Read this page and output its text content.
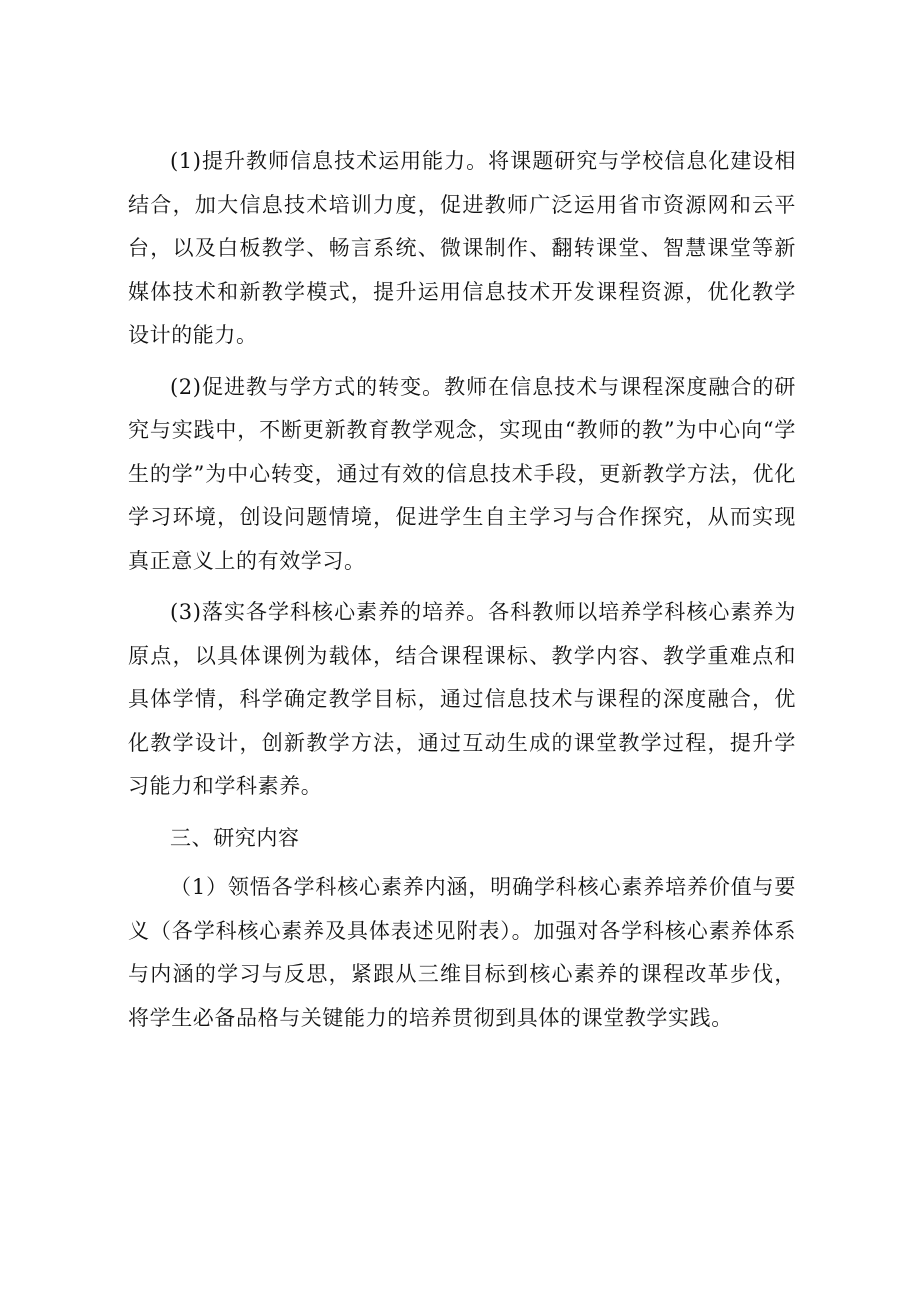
(1)提升教师信息技术运用能力。将课题研究与学校信息化建设相结合，加大信息技术培训力度，促进教师广泛运用省市资源网和云平台，以及白板教学、畅言系统、微课制作、翻转课堂、智慧课堂等新媒体技术和新教学模式，提升运用信息技术开发课程资源，优化教学设计的能力。

(2)促进教与学方式的转变。教师在信息技术与课程深度融合的研究与实践中，不断更新教育教学观念，实现由“教师的教”为中心向“学生的学”为中心转变，通过有效的信息技术手段，更新教学方法，优化学习环境，创设问题情境，促进学生自主学习与合作探究，从而实现真正意义上的有效学习。

(3)落实各学科核心素养的培养。各科教师以培养学科核心素养为原点，以具体课例为载体，结合课程课标、教学内容、教学重难点和具体学情，科学确定教学目标，通过信息技术与课程的深度融合，优化教学设计，创新教学方法，通过互动生成的课堂教学过程，提升学习能力和学科素养。

三、研究内容

（1）领悟各学科核心素养内涵，明确学科核心素养培养价值与要义（各学科核心素养及具体表述见附表）。加强对各学科核心素养体系与内涵的学习与反思，紧跟从三维目标到核心素养的课程改革步伐，将学生必备品格与关键能力的培养贯彻到具体的课堂教学实践。
